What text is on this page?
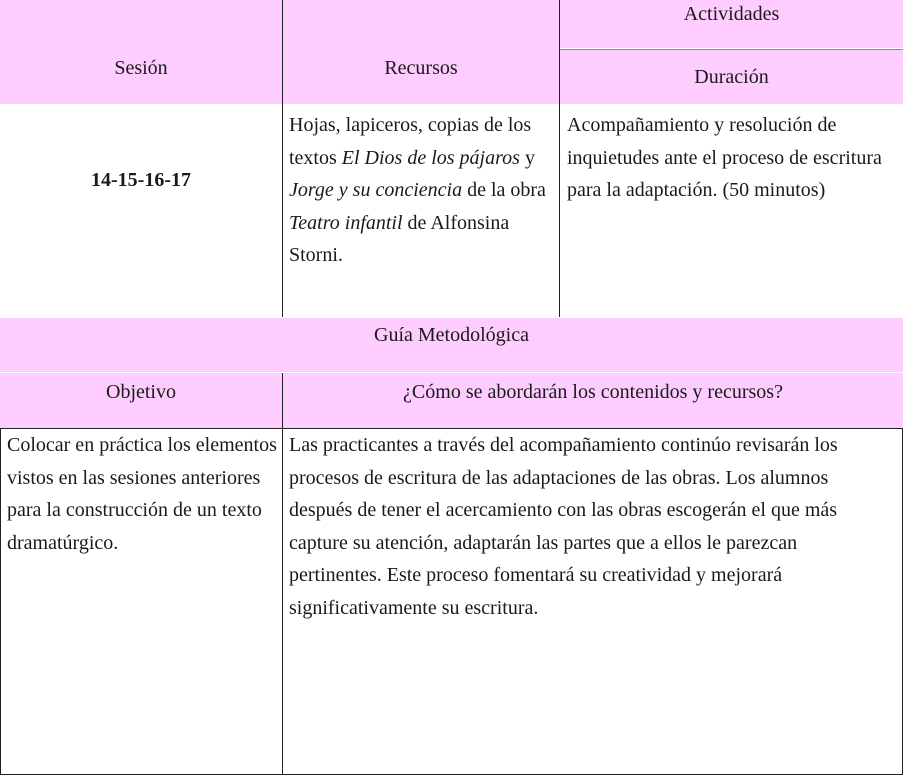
Actividades
Duración
Sesión	Recursos
14-15-16-17
Hojas, lapiceros, copias de los textos El Dios de los pájaros y Jorge y su conciencia de la obra Teatro infantil de Alfonsina Storni.
Acompañamiento y resolución de inquietudes ante el proceso de escritura para la adaptación. (50 minutos)
Guía Metodológica
Objetivo	¿Cómo se abordarán los contenidos y recursos?
Colocar en práctica los elementos vistos en las sesiones anteriores para la construcción de un texto dramatúrgico.
Las practicantes a través del acompañamiento continúo revisarán los procesos de escritura de las adaptaciones de las obras. Los alumnos después de tener el acercamiento con las obras escogerán el que más capture su atención, adaptarán las partes que a ellos le parezcan pertinentes. Este proceso fomentará su creatividad y mejorará significativamente su escritura.
